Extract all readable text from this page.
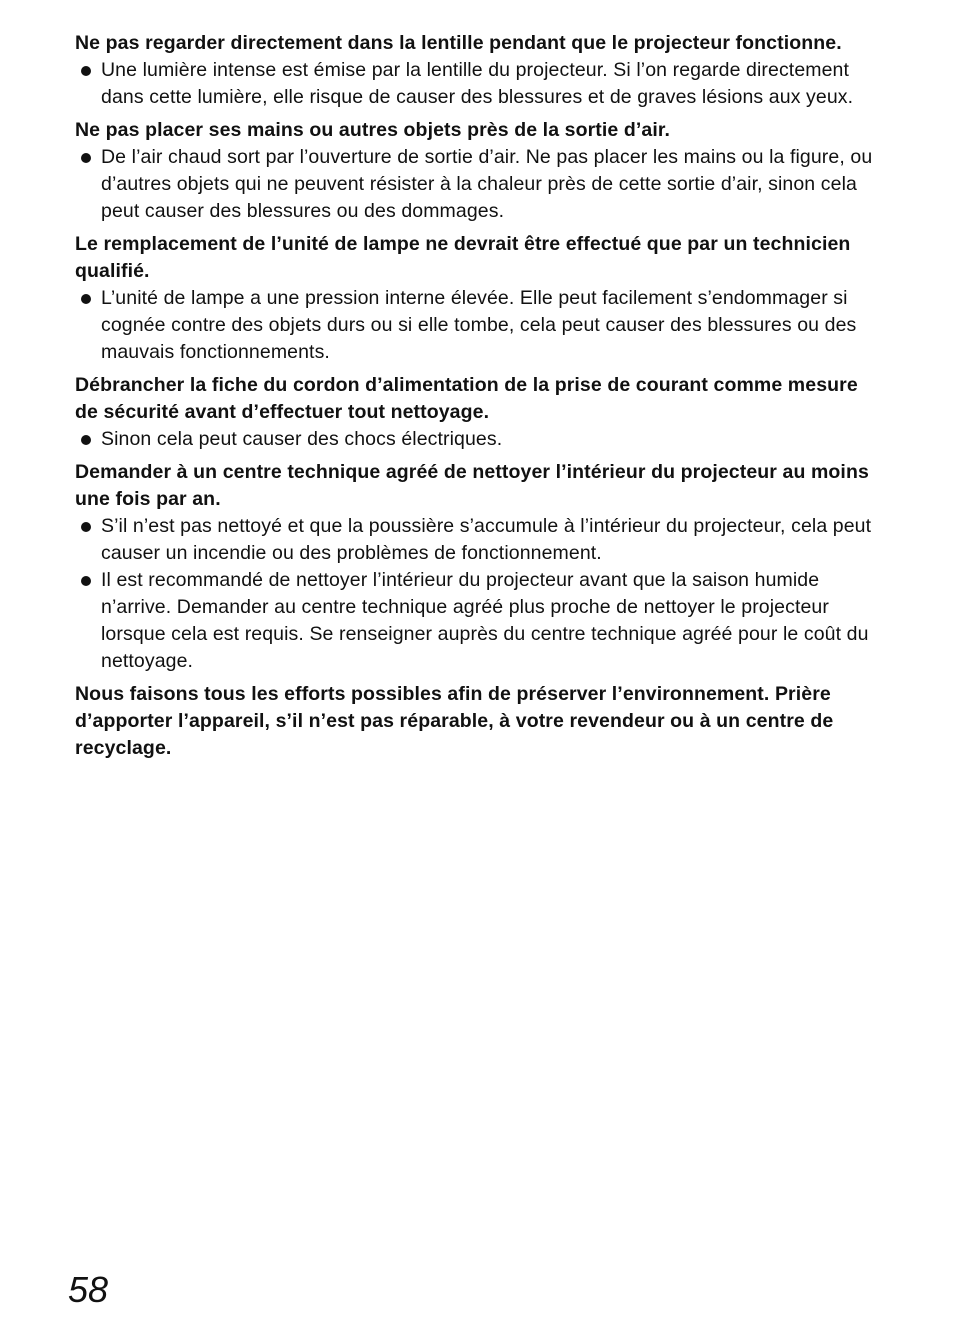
Ne pas regarder directement dans la lentille pendant que le projecteur fonctionne.

Une lumière intense est émise par la lentille du projecteur. Si l’on regarde directement dans cette lumière, elle risque de causer des blessures et de graves lésions aux yeux.

Ne pas placer ses mains ou autres objets près de la sortie d’air.

De l’air chaud sort par l’ouverture de sortie d’air. Ne pas placer les mains ou la figure, ou d’autres objets qui ne peuvent résister à la chaleur près de cette sortie d’air, sinon cela peut causer des blessures ou des dommages.

Le remplacement de l’unité de lampe ne devrait être effectué que par un technicien qualifié.

L’unité de lampe a une pression interne élevée. Elle peut facilement s’endommager si cognée contre des objets durs ou si elle tombe, cela peut causer des blessures ou des mauvais fonctionnements.

Débrancher la fiche du cordon d’alimentation de la prise de courant comme mesure de sécurité avant d’effectuer tout nettoyage.

Sinon cela peut causer des chocs électriques.

Demander à un centre technique agréé de nettoyer l’intérieur du projecteur au moins une fois par an.

S’il n’est pas nettoyé et que la poussière s’accumule à l’intérieur du projecteur, cela peut causer un incendie ou des problèmes de fonctionnement.
Il est recommandé de nettoyer l’intérieur du projecteur avant que la saison humide n’arrive. Demander au centre technique agréé plus proche de nettoyer le projecteur lorsque cela est requis. Se renseigner auprès du centre technique agréé pour le coût du nettoyage.

Nous faisons tous les efforts possibles afin de préserver l’environnement. Prière d’apporter l’appareil, s’il n’est pas réparable, à votre revendeur ou à un centre de recyclage.

58
